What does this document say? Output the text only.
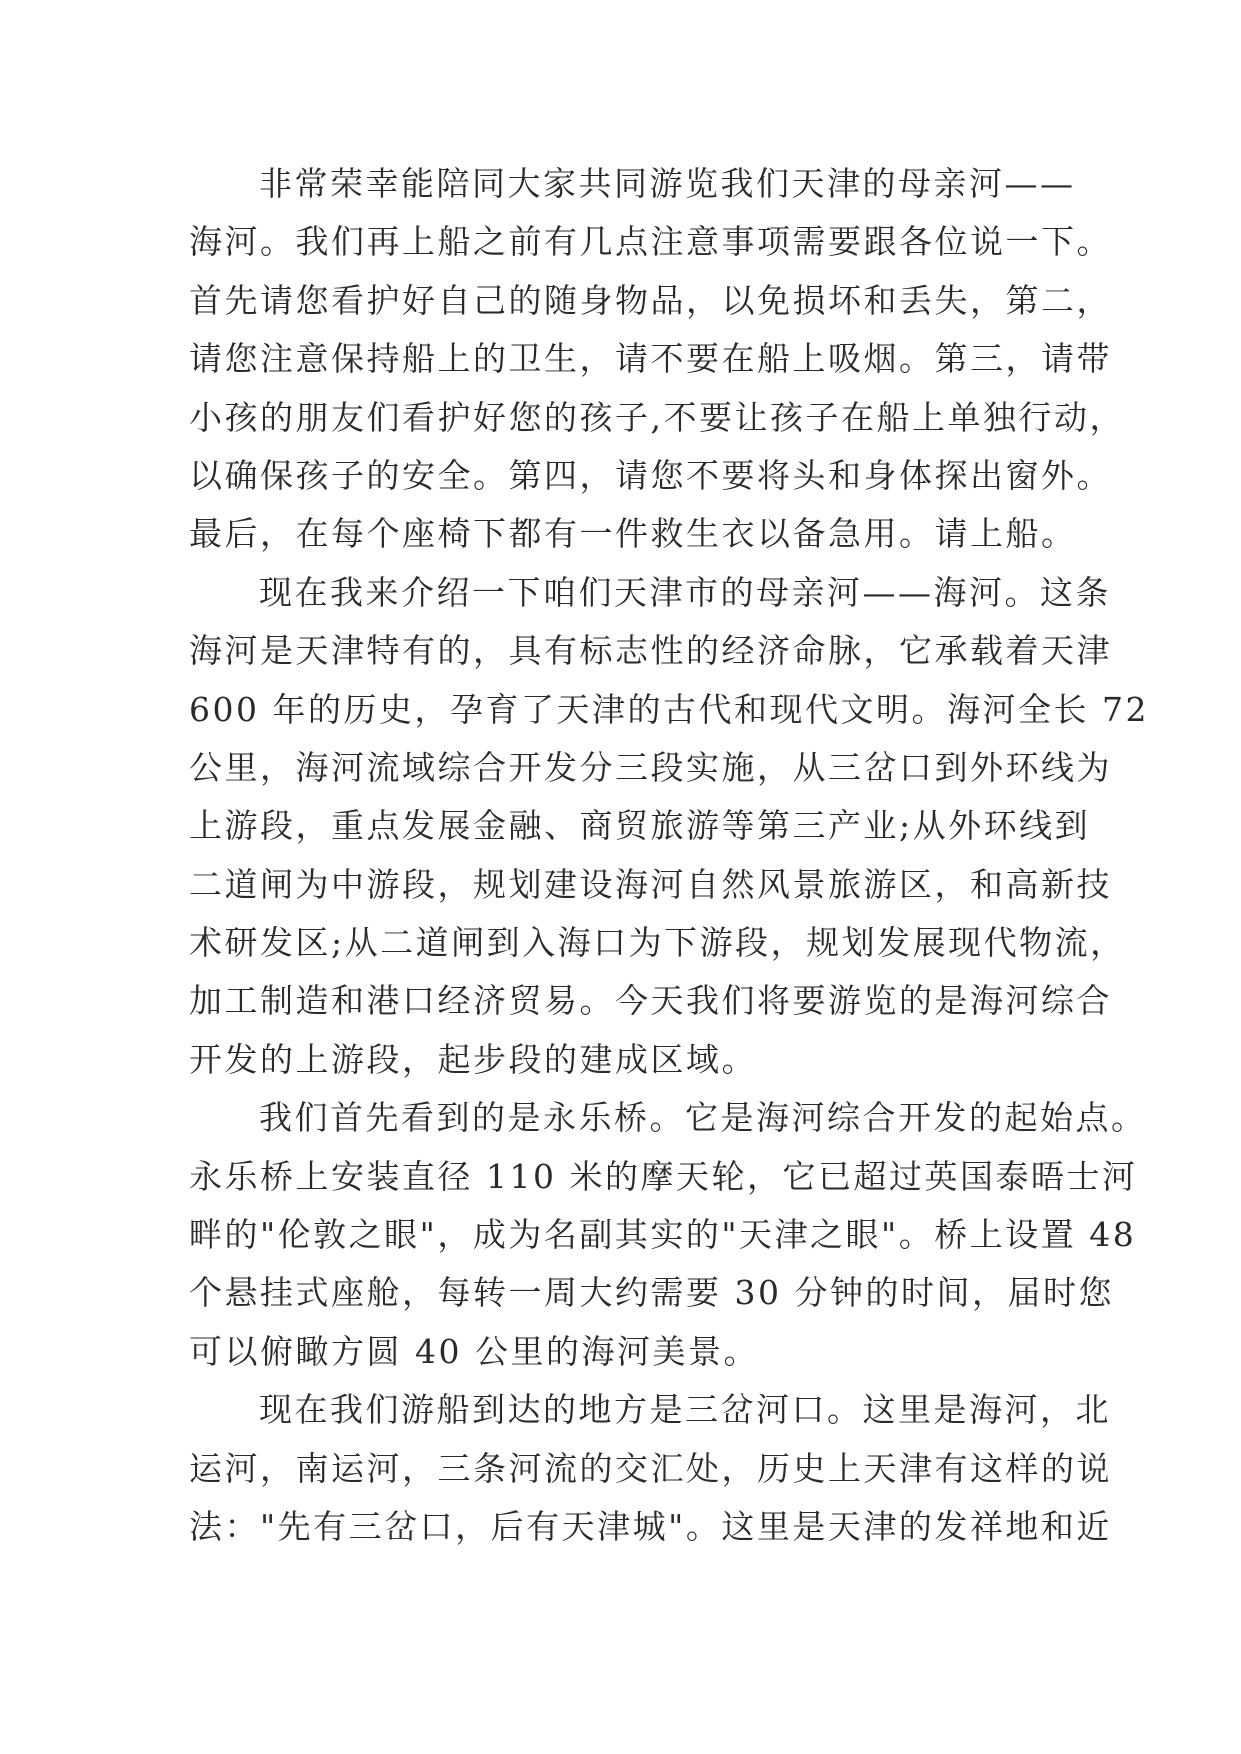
非常荣幸能陪同大家共同游览我们天津的母亲河——
海河。我们再上船之前有几点注意事项需要跟各位说一下。
首先请您看护好自己的随身物品，以免损坏和丢失，第二，
请您注意保持船上的卫生，请不要在船上吸烟。第三，请带
小孩的朋友们看护好您的孩子,不要让孩子在船上单独行动，
以确保孩子的安全。第四，请您不要将头和身体探出窗外。
最后，在每个座椅下都有一件救生衣以备急用。请上船。
现在我来介绍一下咱们天津市的母亲河——海河。这条
海河是天津特有的，具有标志性的经济命脉，它承载着天津
600 年的历史，孕育了天津的古代和现代文明。海河全长 72
公里，海河流域综合开发分三段实施，从三岔口到外环线为
上游段，重点发展金融、商贸旅游等第三产业;从外环线到
二道闸为中游段，规划建设海河自然风景旅游区，和高新技
术研发区;从二道闸到入海口为下游段，规划发展现代物流，
加工制造和港口经济贸易。今天我们将要游览的是海河综合
开发的上游段，起步段的建成区域。
我们首先看到的是永乐桥。它是海河综合开发的起始点。
永乐桥上安装直径 110 米的摩天轮，它已超过英国泰晤士河
畔的"伦敦之眼"，成为名副其实的"天津之眼"。桥上设置 48
个悬挂式座舱，每转一周大约需要 30 分钟的时间，届时您
可以俯瞰方圆 40 公里的海河美景。
现在我们游船到达的地方是三岔河口。这里是海河，北
运河，南运河，三条河流的交汇处，历史上天津有这样的说
法："先有三岔口，后有天津城"。这里是天津的发祥地和近
